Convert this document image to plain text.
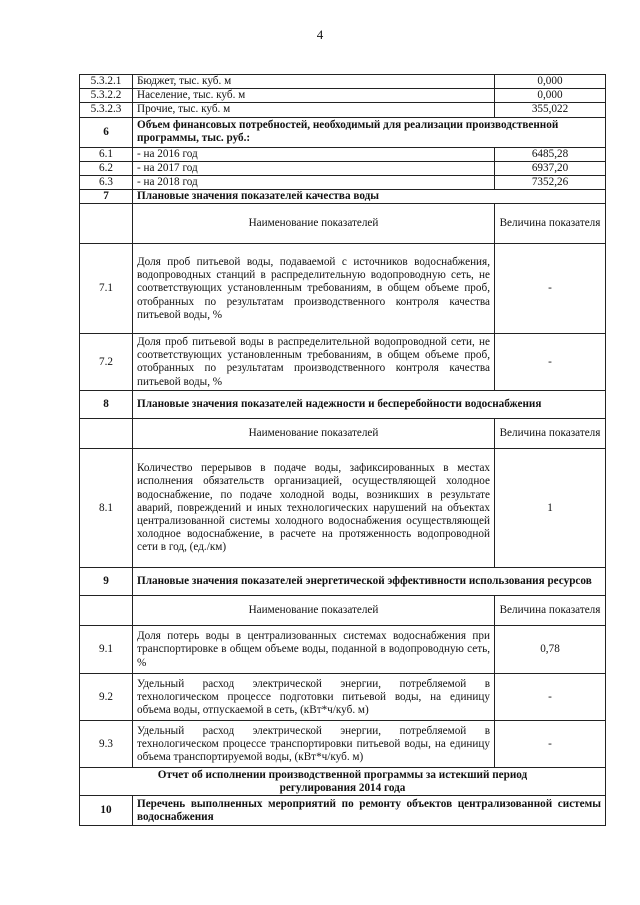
4
5.3.2.1	Бюджет, тыс. куб. м	0,000
5.3.2.2	Население, тыс. куб. м	0,000
5.3.2.3	Прочие, тыс. куб. м	355,022
6	Объем финансовых потребностей, необходимый для реализации производственной программы, тыс. руб.:	
6.1	- на 2016 год	6485,28
6.2	- на 2017 год	6937,20
6.3	- на 2018 год	7352,26
7	Плановые значения показателей качества воды	
	Наименование показателей	Величина показателя
7.1	Доля проб питьевой воды, подаваемой с источников водоснабжения, водопроводных станций в распределительную водопроводную сеть, не соответствующих установленным требованиям, в общем объеме проб, отобранных по результатам производственного контроля качества питьевой воды, %	-
7.2	Доля проб питьевой воды в распределительной водопроводной сети, не соответствующих установленным требованиям, в общем объеме проб, отобранных по результатам производственного контроля качества питьевой воды, %	-
8	Плановые значения показателей надежности и бесперебойности водоснабжения	
	Наименование показателей	Величина показателя
8.1	Количество перерывов в подаче воды, зафиксированных в местах исполнения обязательств организацией, осуществляющей холодное водоснабжение, по подаче холодной воды, возникших в результате аварий, повреждений и иных технологических нарушений на объектах централизованной системы холодного водоснабжения осуществляющей холодное водоснабжение, в расчете на протяженность водопроводной сети в год, (ед./км)	1
9	Плановые значения показателей энергетической эффективности использования ресурсов	
	Наименование показателей	Величина показателя
9.1	Доля потерь воды в централизованных системах водоснабжения при транспортировке в общем объеме воды, поданной в водопроводную сеть, %	0,78
9.2	Удельный расход электрической энергии, потребляемой в технологическом процессе подготовки питьевой воды, на единицу объема воды, отпускаемой в сеть, (кВт*ч/куб. м)	-
9.3	Удельный расход электрической энергии, потребляемой в технологическом процессе транспортировки питьевой воды, на единицу объема транспортируемой воды, (кВт*ч/куб. м)	-
Отчет об исполнении производственной программы за истекший период регулирования 2014 года		
10	Перечень выполненных мероприятий по ремонту объектов централизованной системы водоснабжения	
